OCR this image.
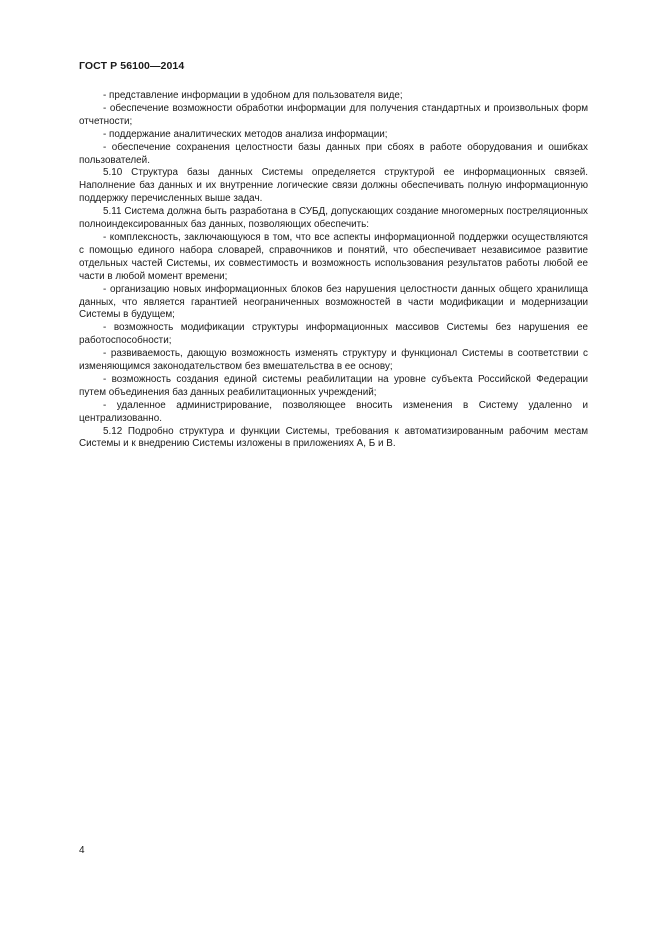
ГОСТ Р 56100—2014

- представление информации в удобном для пользователя виде;

- обеспечение возможности обработки информации для получения стандартных и произвольных форм отчетности;

- поддержание аналитических методов анализа информации;

- обеспечение сохранения целостности базы данных при сбоях в работе оборудования и ошибках пользователей.

5.10 Структура базы данных Системы определяется структурой ее информационных связей. Наполнение баз данных и их внутренние логические связи должны обеспечивать полную информационную поддержку перечисленных выше задач.

5.11 Система должна быть разработана в СУБД, допускающих создание многомерных постреляционных полноиндексированных баз данных, позволяющих обеспечить:

- комплексность, заключающуюся в том, что все аспекты информационной поддержки осуществляются с помощью единого набора словарей, справочников и понятий, что обеспечивает независимое развитие отдельных частей Системы, их совместимость и возможность использования результатов работы любой ее части в любой момент времени;

- организацию новых информационных блоков без нарушения целостности данных общего хранилища данных, что является гарантией неограниченных возможностей в части модификации и модернизации Системы в будущем;

- возможность модификации структуры информационных массивов Системы без нарушения ее работоспособности;

- развиваемость, дающую возможность изменять структуру и функционал Системы в соответствии с изменяющимся законодательством без вмешательства в ее основу;

- возможность создания единой системы реабилитации на уровне субъекта Российской Федерации путем объединения баз данных реабилитационных учреждений;

- удаленное администрирование, позволяющее вносить изменения в Систему удаленно и централизованно.

5.12 Подробно структура и функции Системы, требования к автоматизированным рабочим местам Системы и к внедрению Системы изложены в приложениях А, Б и В.

4
